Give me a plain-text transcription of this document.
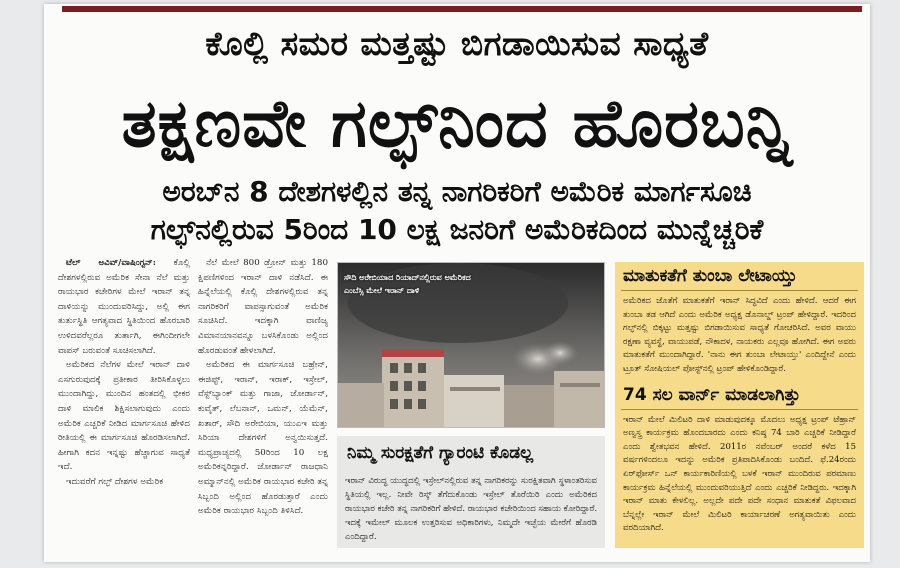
ಕೊಲ್ಲಿ ಸಮರ ಮತ್ತಷ್ಟು ಬಿಗಡಾಯಿಸುವ ಸಾಧ್ಯತೆ
ತಕ್ಷಣವೇ ಗಲ್ಫ್‌ನಿಂದ ಹೊರಬನ್ನಿ
ಅರಬ್‌ನ 8 ದೇಶಗಳಲ್ಲಿನ ತನ್ನ ನಾಗರಿಕರಿಗೆ ಅಮೆರಿಕ ಮಾರ್ಗಸೂಚಿ
ಗಲ್ಫ್‌ನಲ್ಲಿರುವ 5ರಿಂದ 10 ಲಕ್ಷ ಜನರಿಗೆ ಅಮೆರಿಕದಿಂದ ಮುನ್ನೆಚ್ಚರಿಕೆ

ಟೆಲ್ ಅವಿವ್/ವಾಷಿಂಗ್ಟನ್: ಕೊಲ್ಲಿ ದೇಶಗಳಲ್ಲಿರುವ ಅಮೆರಿಕ ಸೇನಾ ನೆಲೆ ಮತ್ತು ರಾಯಭಾರ ಕಚೇರಿಗಳ ಮೇಲೆ ಇರಾನ್ ತನ್ನ ದಾಳಿಯನ್ನು ಮುಂದುವರಿಸಿದ್ದು, ಅಲ್ಲಿ ಈಗ ತುರ್ತುಸ್ಥಿತಿ ಆಗತ್ಯವಾದ ಸ್ಥಿತಿಯಿಂದ ಹೊರಬಾರಿ ಉಳಿದವರೆಲ್ಲರೂ ತುರ್ತಾಗಿ, ಈಗಿಂದೀಗಲೇ ವಾಪಸ್ ಬರುವಂತೆ ಸೂಚಿಸಲಾಗಿದೆ.

ಅಮೆರಿಕದ ನೆಲೆಗಳ ಮೇಲೆ ಇರಾನ್ ದಾಳಿ ಎಸಗುರುವುದಕ್ಕೆ ಪ್ರತೀಕಾರ ತೀರಿಸಿಕೊಳ್ಳಲು ಮುಂದಾಗಿದ್ದು, ಮುಂದಿನ ಹಂತದಲ್ಲಿ ಭೀಕರ ದಾಳಿ ಮಾಲಿಕ ಶಿಕ್ಷಿಸಲಾಗುವುದು ಎಂದು ಅಮೆರಿಕ ಎಚ್ಚರಿಕೆ ನೀಡಿದ ಮಾರ್ಗಸೂಚಿ ಹೇಳಿದ ರೀತಿಯಲ್ಲಿ ಈ ಮಾರ್ಗಸೂಚಿ ಹೊರಡಿಸಲಾಗಿದೆ. ಹೀಗಾಗಿ ಕದನ ಇನ್ನಷ್ಟು ಹೆಚ್ಚಾಗುವ ಸಾಧ್ಯತೆ ಇದೆ.

ಇದುವರೆಗೆ ಗಲ್ಫ್ ದೇಶಗಳ ಅಮೆರಿಕ

ನೆಲೆ ಮೇಲೆ 800 ಡ್ರೋನ್ ಮತ್ತು 180 ಕ್ಷಿಪಣಿಗಳಿಂದ ಇರಾನ್ ದಾಳಿ ನಡೆಸಿದೆ. ಈ ಹಿನ್ನೆಲೆಯಲ್ಲಿ ಕೊಲ್ಲಿ ದೇಶಗಳಲ್ಲಿರುವ ತನ್ನ ನಾಗರಿಕರಿಗೆ ವಾಪಸ್ಸಾಗುವಂತೆ ಅಮೆರಿಕ ಸೂಚಿಸಿದೆ. ಇದಕ್ಕಾಗಿ ವಾಣಿಜ್ಯ ವಿಮಾನಯಾನವನ್ನೂ ಬಳಸಿಕೊಂಡು ಅಲ್ಲಿಂದ ಹೊರಡುವಂತೆ ಹೇಳಲಾಗಿದೆ.

ಅಮೆರಿಕದ ಈ ಮಾರ್ಗಸೂಚಿ ಬಹ್ರೇನ್, ಈಜಿಪ್ಟ್, ಇರಾನ್, ಇರಾಕ್, ಇಸ್ರೇಲ್, ವೆಸ್ಟ್‌ಬ್ಯಾಂಕ್ ಮತ್ತು ಗಾಜಾ, ಜೋರ್ಡಾನ್, ಕುವೈತ್, ಲೆಬನಾನ್, ಒಮನ್, ಯೆಮೆನ್, ಖತಾರ್, ಸೌದಿ ಅರೇಬಿಯಾ, ಯುಎಇ ಮತ್ತು ಸಿರಿಯಾ ದೇಶಗಳಿಗೆ ಅನ್ವಯಿಸುತ್ತದೆ. ಮಧ್ಯಪ್ರಾಚ್ಯದಲ್ಲಿ 50ರಿಂದ 10 ಲಕ್ಷ ಅಮೆರಿಕನ್ನರಿದ್ದಾರೆ. ಜೋರ್ಡಾನ್ ರಾಜಧಾನಿ ಅಮ್ಮಾನ್‌ನಲ್ಲಿ ಅಮೆರಿಕ ರಾಯಭಾರ ಕಚೇರಿ ತನ್ನ ಸಿಬ್ಬಂದಿ ಅಲ್ಲಿಂದ ಹೊರಡುತ್ತಾರೆ ಎಂದು ಅಮೆರಿಕ ರಾಯಭಾರ ಸಿಬ್ಬಂದಿ ತಿಳಿಸಿದೆ.

ಸೌದಿ ಅರೇಬಿಯಾದ ರಿಯಾದ್‌ನಲ್ಲಿರುವ ಅಮೆರಿಕದ ಎಂಬೆಸ್ಸಿ ಮೇಲೆ ಇರಾನ್ ದಾಳಿ
ನಿಮ್ಮ ಸುರಕ್ಷತೆಗೆ ಗ್ಯಾರಂಟಿ ಕೊಡಲ್ಲ
ಇರಾನ್ ವಿರುದ್ಧ ಯುದ್ಧದಲ್ಲಿ ಇಸ್ರೇಲ್‌ನಲ್ಲಿರುವ ತನ್ನ ನಾಗರಿಕರನ್ನು ಸುರಕ್ಷಿತವಾಗಿ ಸ್ಥಳಾಂತರಿಸುವ ಸ್ಥಿತಿಯಲ್ಲಿ ಇಲ್ಲ. ನೀವೇ ರಿಸ್ಕ್ ತೆಗೆದುಕೊಂಡು ಇಸ್ರೇಲ್ ತೊರೆಯಿರಿ ಎಂದು ಅಮೆರಿಕದ ರಾಯಭಾರ ಕಚೇರಿ ತನ್ನ ನಾಗರಿಕರಿಗೆ ಹೇಳಿದೆ. ರಾಯಭಾರ ಕಚೇರಿಯಿಂದ ಸಹಾಯ ಕೋರಿದ್ದಾರೆ. ಇದಕ್ಕೆ ಇಮೇಲ್ ಮೂಲಕ ಉತ್ತರಿಸುವ ಅಧಿಕಾರಿಗಳು, ನಿಮ್ಮದೇ ಇಚ್ಛೆಯ ಮೇರೆಗೆ ಹೊರಡಿ ಎಂದಿದ್ದಾರೆ.
ಮಾತುಕತೆಗೆ ತುಂಬಾ ಲೇಟಾಯ್ತು
ಅಮೆರಿಕದ ಜೊತೆಗೆ ಮಾತುಕತೆಗೆ ಇರಾನ್ ಸಿದ್ಧವಿದೆ ಎಂದು ಹೇಳಿದೆ. ಆದರೆ ಈಗ ತುಂಬಾ ತಡ ಆಗಿದೆ ಎಂದು ಅಮೆರಿಕ ಅಧ್ಯಕ್ಷ ಡೊನಾಲ್ಡ್ ಟ್ರಂಪ್ ಹೇಳಿದ್ದಾರೆ. ಇದರಿಂದ ಗಲ್ಫ್‌ನಲ್ಲಿ ಬಿಕ್ಕಟ್ಟು ಮತ್ತಷ್ಟು ಬಿಗಡಾಯಿಸುವ ಸಾಧ್ಯತೆ ಗೋಚರಿಸಿದೆ. ಅವರ ವಾಯು ರಕ್ಷಣಾ ವ್ಯವಸ್ಥೆ, ವಾಯುಪಡೆ, ನೌಕಾದಳ, ನಾಯಕರು ಎಲ್ಲವೂ ಹೋಗಿದೆ. ಈಗ ಅವರು ಮಾತುಕತೆಗೆ ಮುಂದಾಗಿದ್ದಾರೆ. 'ನಾನು ಈಗ ತುಂಬಾ ಲೇಟಾಯ್ತು' ಎಂದಿದ್ದೇನೆ ಎಂದು ಟ್ರೂತ್ ಸೋಷಿಯಲ್ ಪೋಸ್ಟ್‌ನಲ್ಲಿ ಟ್ರಂಪ್ ಹೇಳಿಕೊಂಡಿದ್ದಾರೆ.
74 ಸಲ ವಾರ್ನ್ ಮಾಡಲಾಗಿತ್ತು
ಇರಾನ್ ಮೇಲೆ ಮಿಲಿಟರಿ ದಾಳಿ ಮಾಡುವುದಕ್ಕೂ ಮೊದಲು ಅಧ್ಯಕ್ಷ ಟ್ರಂಪ್ ಟೆಹ್ರಾನ್ ಅಣ್ವಸ್ತ್ರ ಕಾರ್ಯಕ್ರಮ ಹೊಂದಬಾರದು ಎಂದು ಕನಿಷ್ಠ 74 ಬಾರಿ ಎಚ್ಚರಿಕೆ ನೀಡಿದ್ದಾರೆ ಎಂದು ಶ್ವೇತಭವನ ಹೇಳಿದೆ. 2011ರ ನವೆಂಬರ್ ಅಂದರೆ ಕಳೆದ 15 ವರ್ಷಗಳಿಂದಲೂ ಇದನ್ನು ಅಮೆರಿಕ ಪ್ರತಿಪಾದಿಸಿಕೊಂಡು ಬಂದಿದೆ. ಫೆ.24ರಂದು ಏರ್‌ಫೋರ್ಸ್ ಒನ್ ಕಾರ್ಯಕಾರಿಣಿಯಲ್ಲಿ ಬಳಕೆ ಇರಾನ್ ಮುಂದಿರುವ ಪರಮಾಣು ಕಾರ್ಯಕ್ರಮ ಹಿನ್ನೆಲೆಯಲ್ಲಿ ಮುಂದುವರಿಯುತ್ತಿದೆ ಎಂದು ಎಚ್ಚರಿಕೆ ನೀಡಿದ್ದರು. ಇದಕ್ಕಾಗಿ ಇರಾನ್ ಮಾತು ಕೇಳಲಿಲ್ಲ. ಅಲ್ಲದೇ ಪದೇ ಪದೇ ಸಂಧಾನ ಮಾತುಕತೆ ವಿಫಲವಾದ ಬೆನ್ನಲ್ಲೇ ಇರಾನ್ ಮೇಲೆ ಮಿಲಿಟರಿ ಕಾರ್ಯಾಚರಣೆ ಅಗತ್ಯವಾಯಿತು ಎಂದು ವರದಿಯಾಗಿದೆ.
